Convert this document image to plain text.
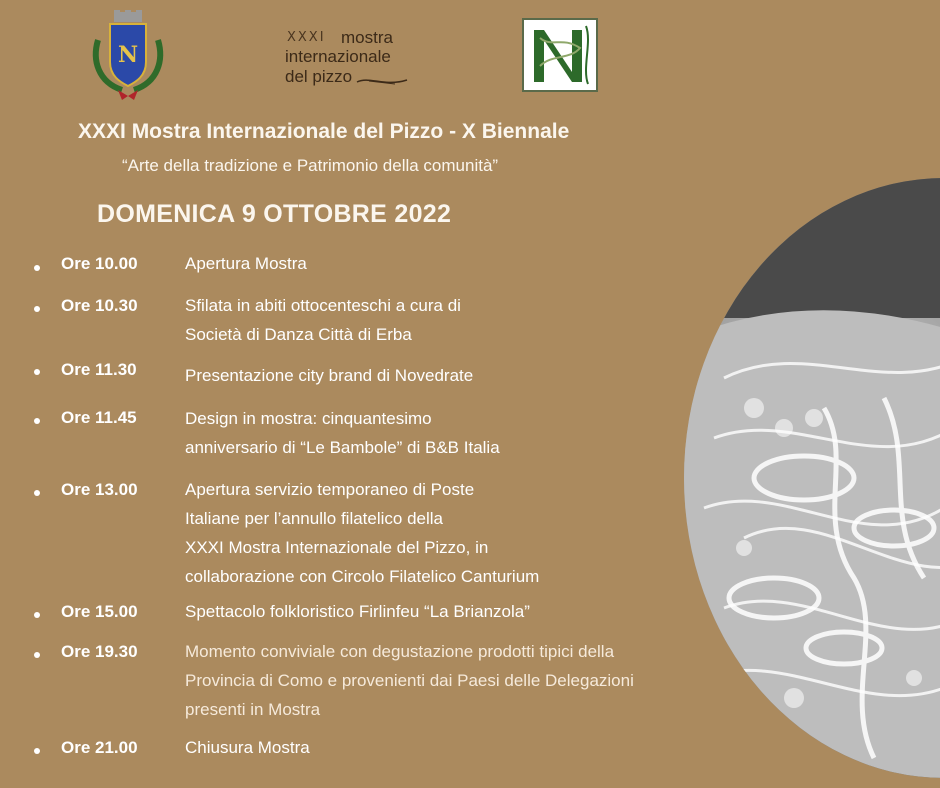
N
XXXI mostra
internazionale
del pizzo
XXXI Mostra Internazionale del Pizzo - X Biennale
“Arte della tradizione e Patrimonio della comunità”
DOMENICA 9 OTTOBRE 2022
Ore 10.00	Apertura Mostra
Ore 10.30	Sfilata in abiti ottocenteschi a cura di
Società di Danza Città di Erba
Ore 11.30	Presentazione city brand di Novedrate
Ore 11.45	Design in mostra: cinquantesimo
anniversario di “Le Bambole” di B&B Italia
Ore 13.00	Apertura servizio temporaneo di Poste
Italiane per l’annullo filatelico della
XXXI Mostra Internazionale del Pizzo, in
collaborazione con Circolo Filatelico Canturium
Ore 15.00	Spettacolo folkloristico Firlinfeu “La Brianzola”
Ore 19.30	Momento conviviale con degustazione prodotti tipici della
Provincia di Como e provenienti dai Paesi delle Delegazioni
presenti in Mostra
Ore 21.00	Chiusura Mostra
